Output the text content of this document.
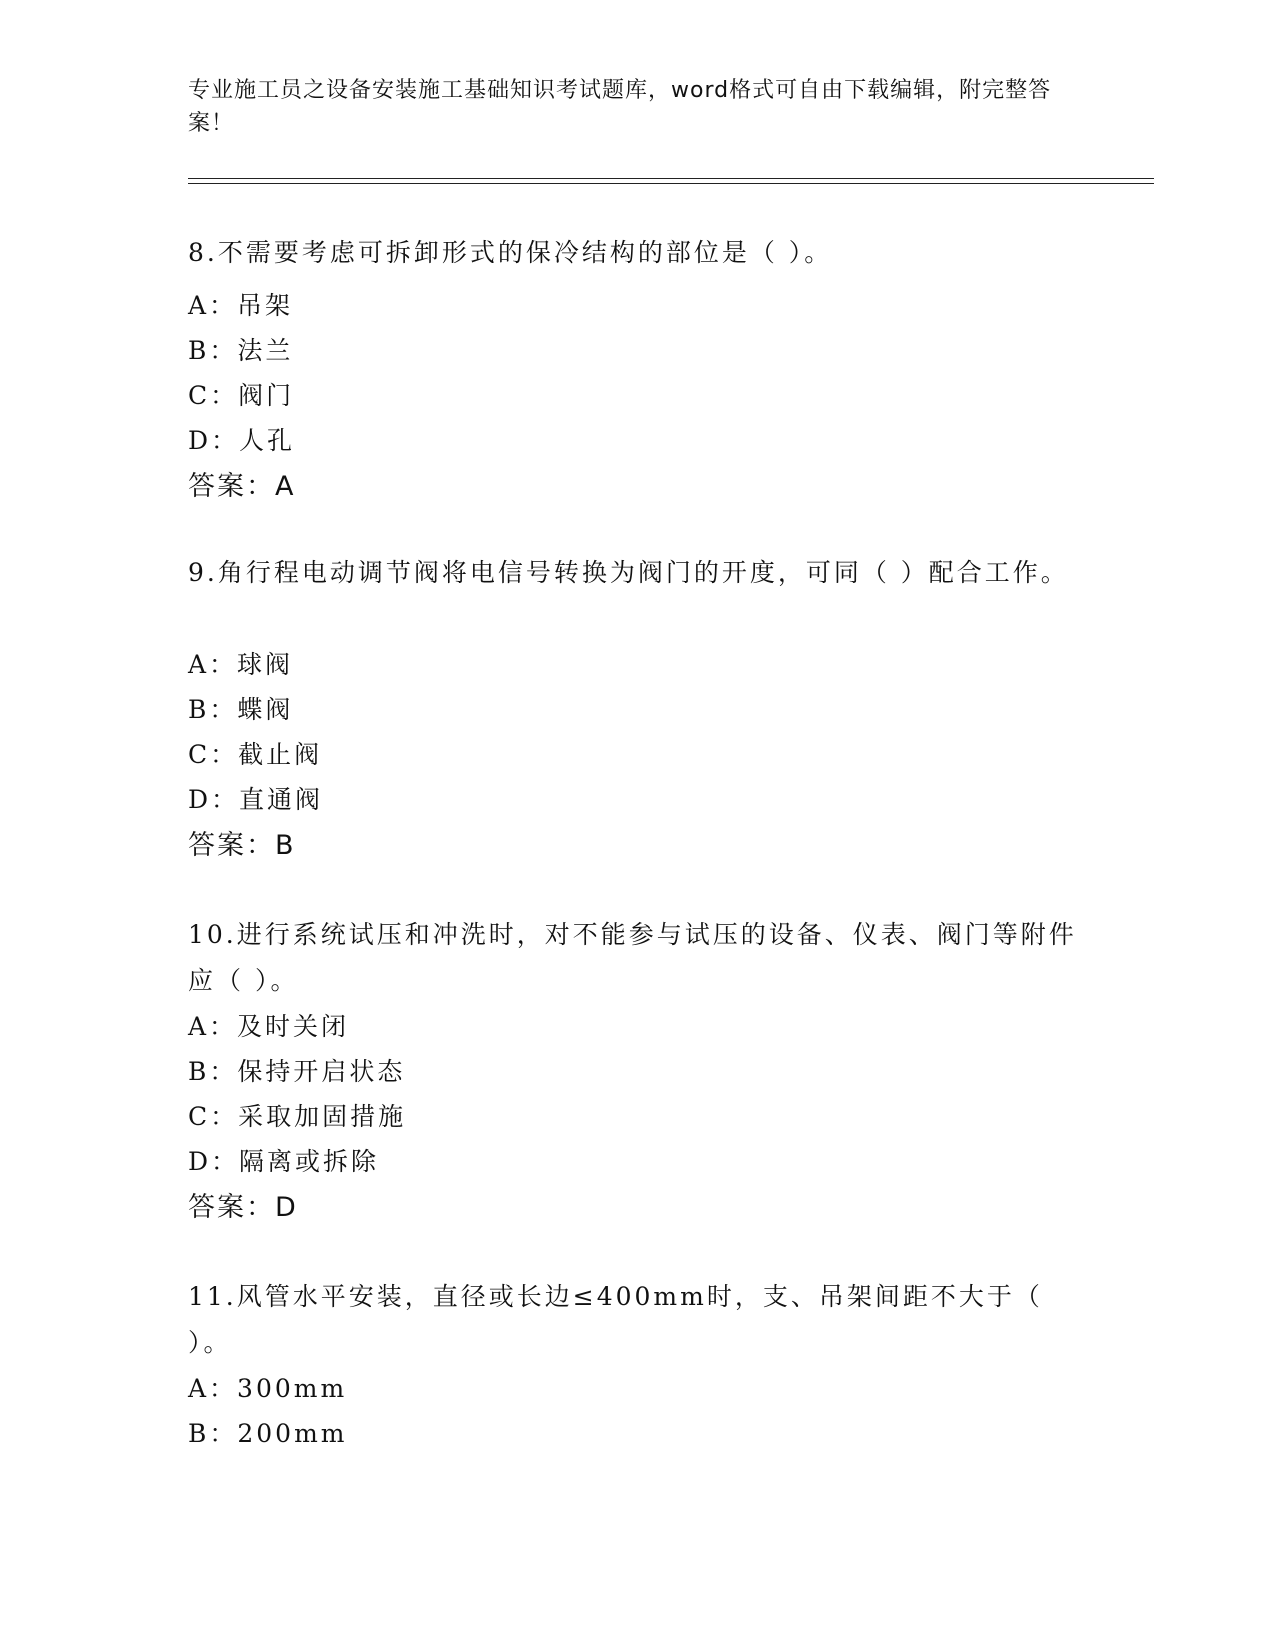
专业施工员之设备安装施工基础知识考试题库，word格式可自由下载编辑，附完整答案！
8.不需要考虑可拆卸形式的保冷结构的部位是（ ）。
A：吊架
B：法兰
C：阀门
D：人孔
答案：A
9.角行程电动调节阀将电信号转换为阀门的开度，可同（ ）配合工作。
A：球阀
B：蝶阀
C：截止阀
D：直通阀
答案：B
10.进行系统试压和冲洗时，对不能参与试压的设备、仪表、阀门等附件应（ ）。
A：及时关闭
B：保持开启状态
C：采取加固措施
D：隔离或拆除
答案：D
11.风管水平安装，直径或长边≤400mm时，支、吊架间距不大于（ ）。
A：300mm
B：200mm
